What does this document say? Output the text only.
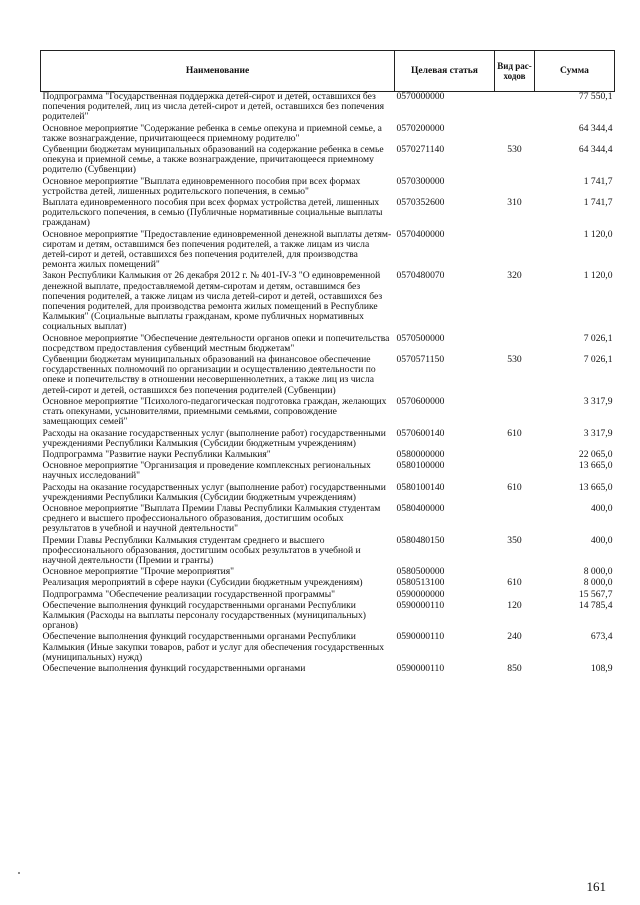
Наименование	Целевая статья	Вид рас-ходов	Сумма
Подпрограмма "Государственная поддержка детей-сирот и детей, оставшихся без попечения родителей, лиц из числа детей-сирот и детей, оставшихся без попечения родителей"	0570000000		77 550,1
Основное мероприятие "Содержание ребенка в семье опекуна и приемной семье, а также вознаграждение, причитающееся приемному родителю"	0570200000		64 344,4
Субвенции бюджетам муниципальных образований на содержание ребенка в семье опекуна и приемной семье, а также вознаграждение, причитающееся приемному родителю (Субвенции)	0570271140	530	64 344,4
Основное мероприятие "Выплата единовременного пособия при всех формах устройства детей, лишенных родительского попечения, в семью"	0570300000		1 741,7
Выплата единовременного пособия при всех формах устройства детей, лишенных родительского попечения, в семью (Публичные нормативные социальные выплаты гражданам)	0570352600	310	1 741,7
Основное мероприятие "Предоставление единовременной денежной выплаты детям-сиротам и детям, оставшимся без попечения родителей, а также лицам из числа детей-сирот и детей, оставшихся без попечения родителей, для производства ремонта жилых помещений"	0570400000		1 120,0
Закон Республики Калмыкия от 26 декабря 2012 г. № 401-IV-З "О единовременной денежной выплате, предоставляемой детям-сиротам и детям, оставшимся без попечения родителей, а также лицам из числа детей-сирот и детей, оставшихся без попечения родителей, для производства ремонта жилых помещений в Республике Калмыкия" (Социальные выплаты гражданам, кроме публичных нормативных социальных выплат)	0570480070	320	1 120,0
Основное мероприятие "Обеспечение деятельности органов опеки и попечительства посредством предоставления субвенций местным бюджетам"	0570500000		7 026,1
Субвенции бюджетам муниципальных образований на финансовое обеспечение государственных полномочий по организации и осуществлению деятельности по опеке и попечительству в отношении несовершеннолетних, а также лиц из числа детей-сирот и детей, оставшихся без попечения родителей (Субвенции)	0570571150	530	7 026,1
Основное мероприятие "Психолого-педагогическая подготовка граждан, желающих стать опекунами, усыновителями, приемными семьями, сопровождение замещающих семей"	0570600000		3 317,9
Расходы на оказание государственных услуг (выполнение работ) государственными учреждениями Республики Калмыкия (Субсидии бюджетным учреждениям)	0570600140	610	3 317,9
Подпрограмма "Развитие науки Республики Калмыкия"	0580000000		22 065,0
Основное мероприятие "Организация и проведение комплексных региональных научных исследований"	0580100000		13 665,0
Расходы на оказание государственных услуг (выполнение работ) государственными учреждениями Республики Калмыкия (Субсидии бюджетным учреждениям)	0580100140	610	13 665,0
Основное мероприятие "Выплата Премии Главы Республики Калмыкия студентам среднего и высшего профессионального образования, достигшим особых результатов в учебной и научной деятельности"	0580400000		400,0
Премии Главы Республики Калмыкия студентам среднего и высшего профессионального образования, достигшим особых результатов в учебной и научной деятельности (Премии и гранты)	0580480150	350	400,0
Основное мероприятие "Прочие мероприятия"	0580500000		8 000,0
Реализация мероприятий в сфере науки (Субсидии бюджетным учреждениям)	0580513100	610	8 000,0
Подпрограмма "Обеспечение реализации государственной программы"	0590000000		15 567,7
Обеспечение выполнения функций государственными органами Республики Калмыкия (Расходы на выплаты персоналу государственных (муниципальных) органов)	0590000110	120	14 785,4
Обеспечение выполнения функций государственными органами Республики Калмыкия (Иные закупки товаров, работ и услуг для обеспечения государственных (муниципальных) нужд)	0590000110	240	673,4
Обеспечение выполнения функций государственными органами	0590000110	850	108,9
161
